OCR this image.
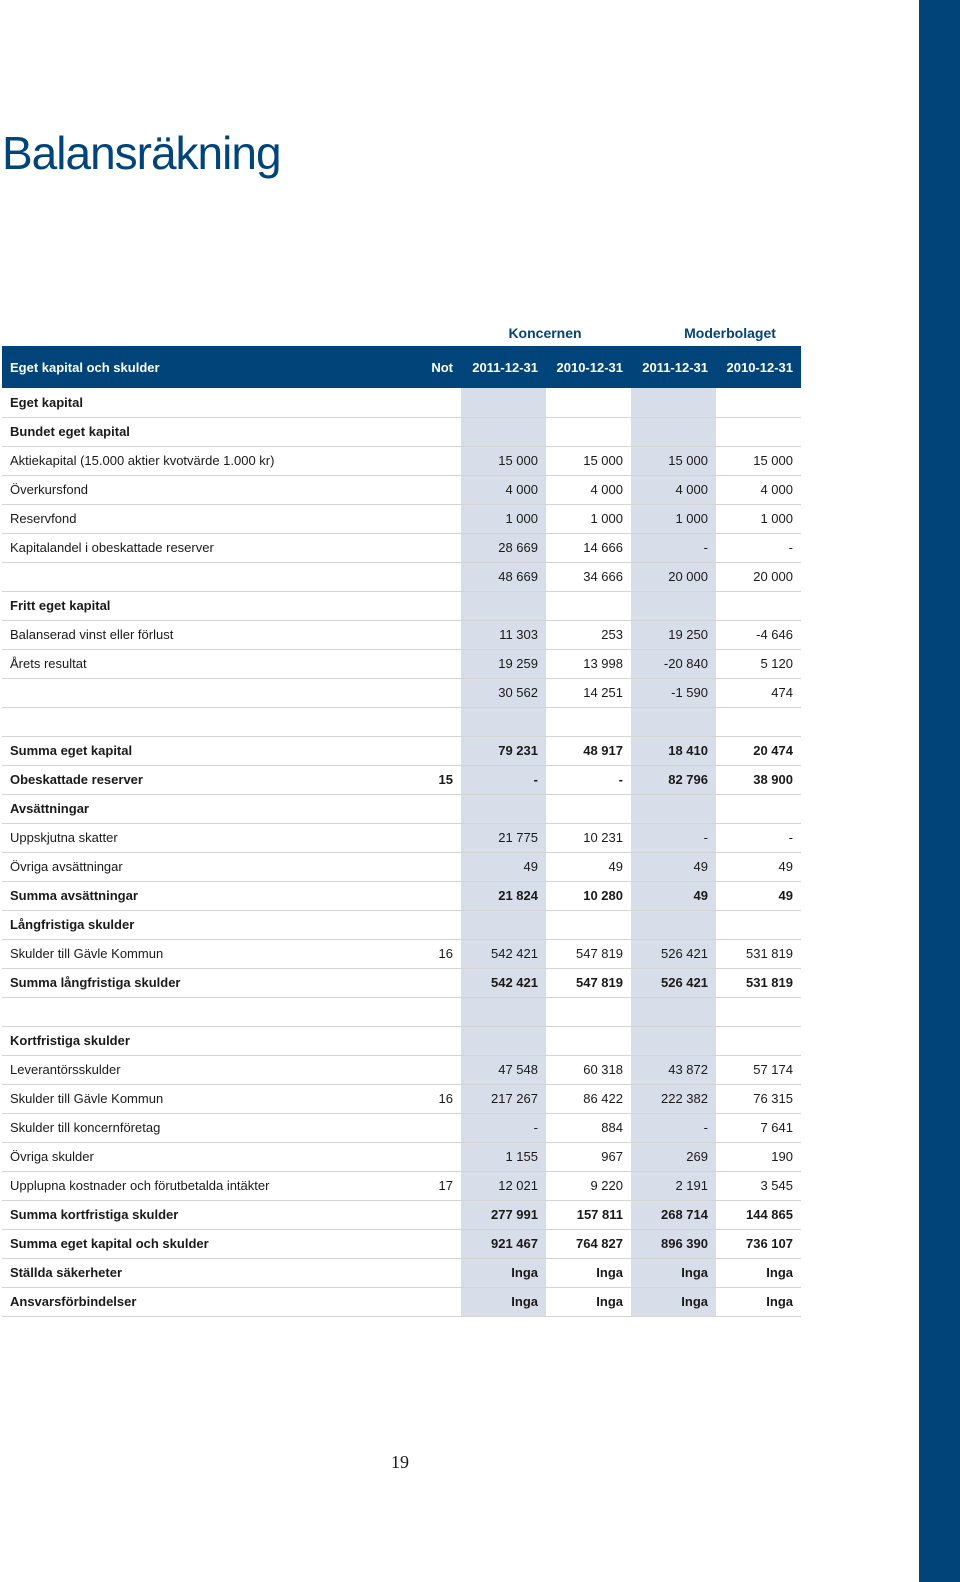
Balansräkning
Koncernen	Moderbolaget
Eget kapital och skulder	Not	2011-12-31	2010-12-31	2011-12-31	2010-12-31
Eget kapital					
Bundet eget kapital					
Aktiekapital (15.000 aktier kvotvärde 1.000 kr)		15 000	15 000	15 000	15 000
Överkursfond		4 000	4 000	4 000	4 000
Reservfond		1 000	1 000	1 000	1 000
Kapitalandel i obeskattade reserver		28 669	14 666	-	-
		48 669	34 666	20 000	20 000
Fritt eget kapital					
Balanserad vinst eller förlust		11 303	253	19 250	-4 646
Årets resultat		19 259	13 998	-20 840	5 120
		30 562	14 251	-1 590	474

Summa eget kapital		79 231	48 917	18 410	20 474
Obeskattade reserver	15	-	-	82 796	38 900
Avsättningar					
Uppskjutna skatter		21 775	10 231	-	-
Övriga avsättningar		49	49	49	49
Summa avsättningar		21 824	10 280	49	49
Långfristiga skulder					
Skulder till Gävle Kommun	16	542 421	547 819	526 421	531 819
Summa långfristiga skulder		542 421	547 819	526 421	531 819

Kortfristiga skulder					
Leverantörsskulder		47 548	60 318	43 872	57 174
Skulder till Gävle Kommun	16	217 267	86 422	222 382	76 315
Skulder till koncernföretag		-	884	-	7 641
Övriga skulder		1 155	967	269	190
Upplupna kostnader och förutbetalda intäkter	17	12 021	9 220	2 191	3 545
Summa kortfristiga skulder		277 991	157 811	268 714	144 865
Summa eget kapital och skulder		921 467	764 827	896 390	736 107
Ställda säkerheter		Inga	Inga	Inga	Inga
Ansvarsförbindelser		Inga	Inga	Inga	Inga
19
